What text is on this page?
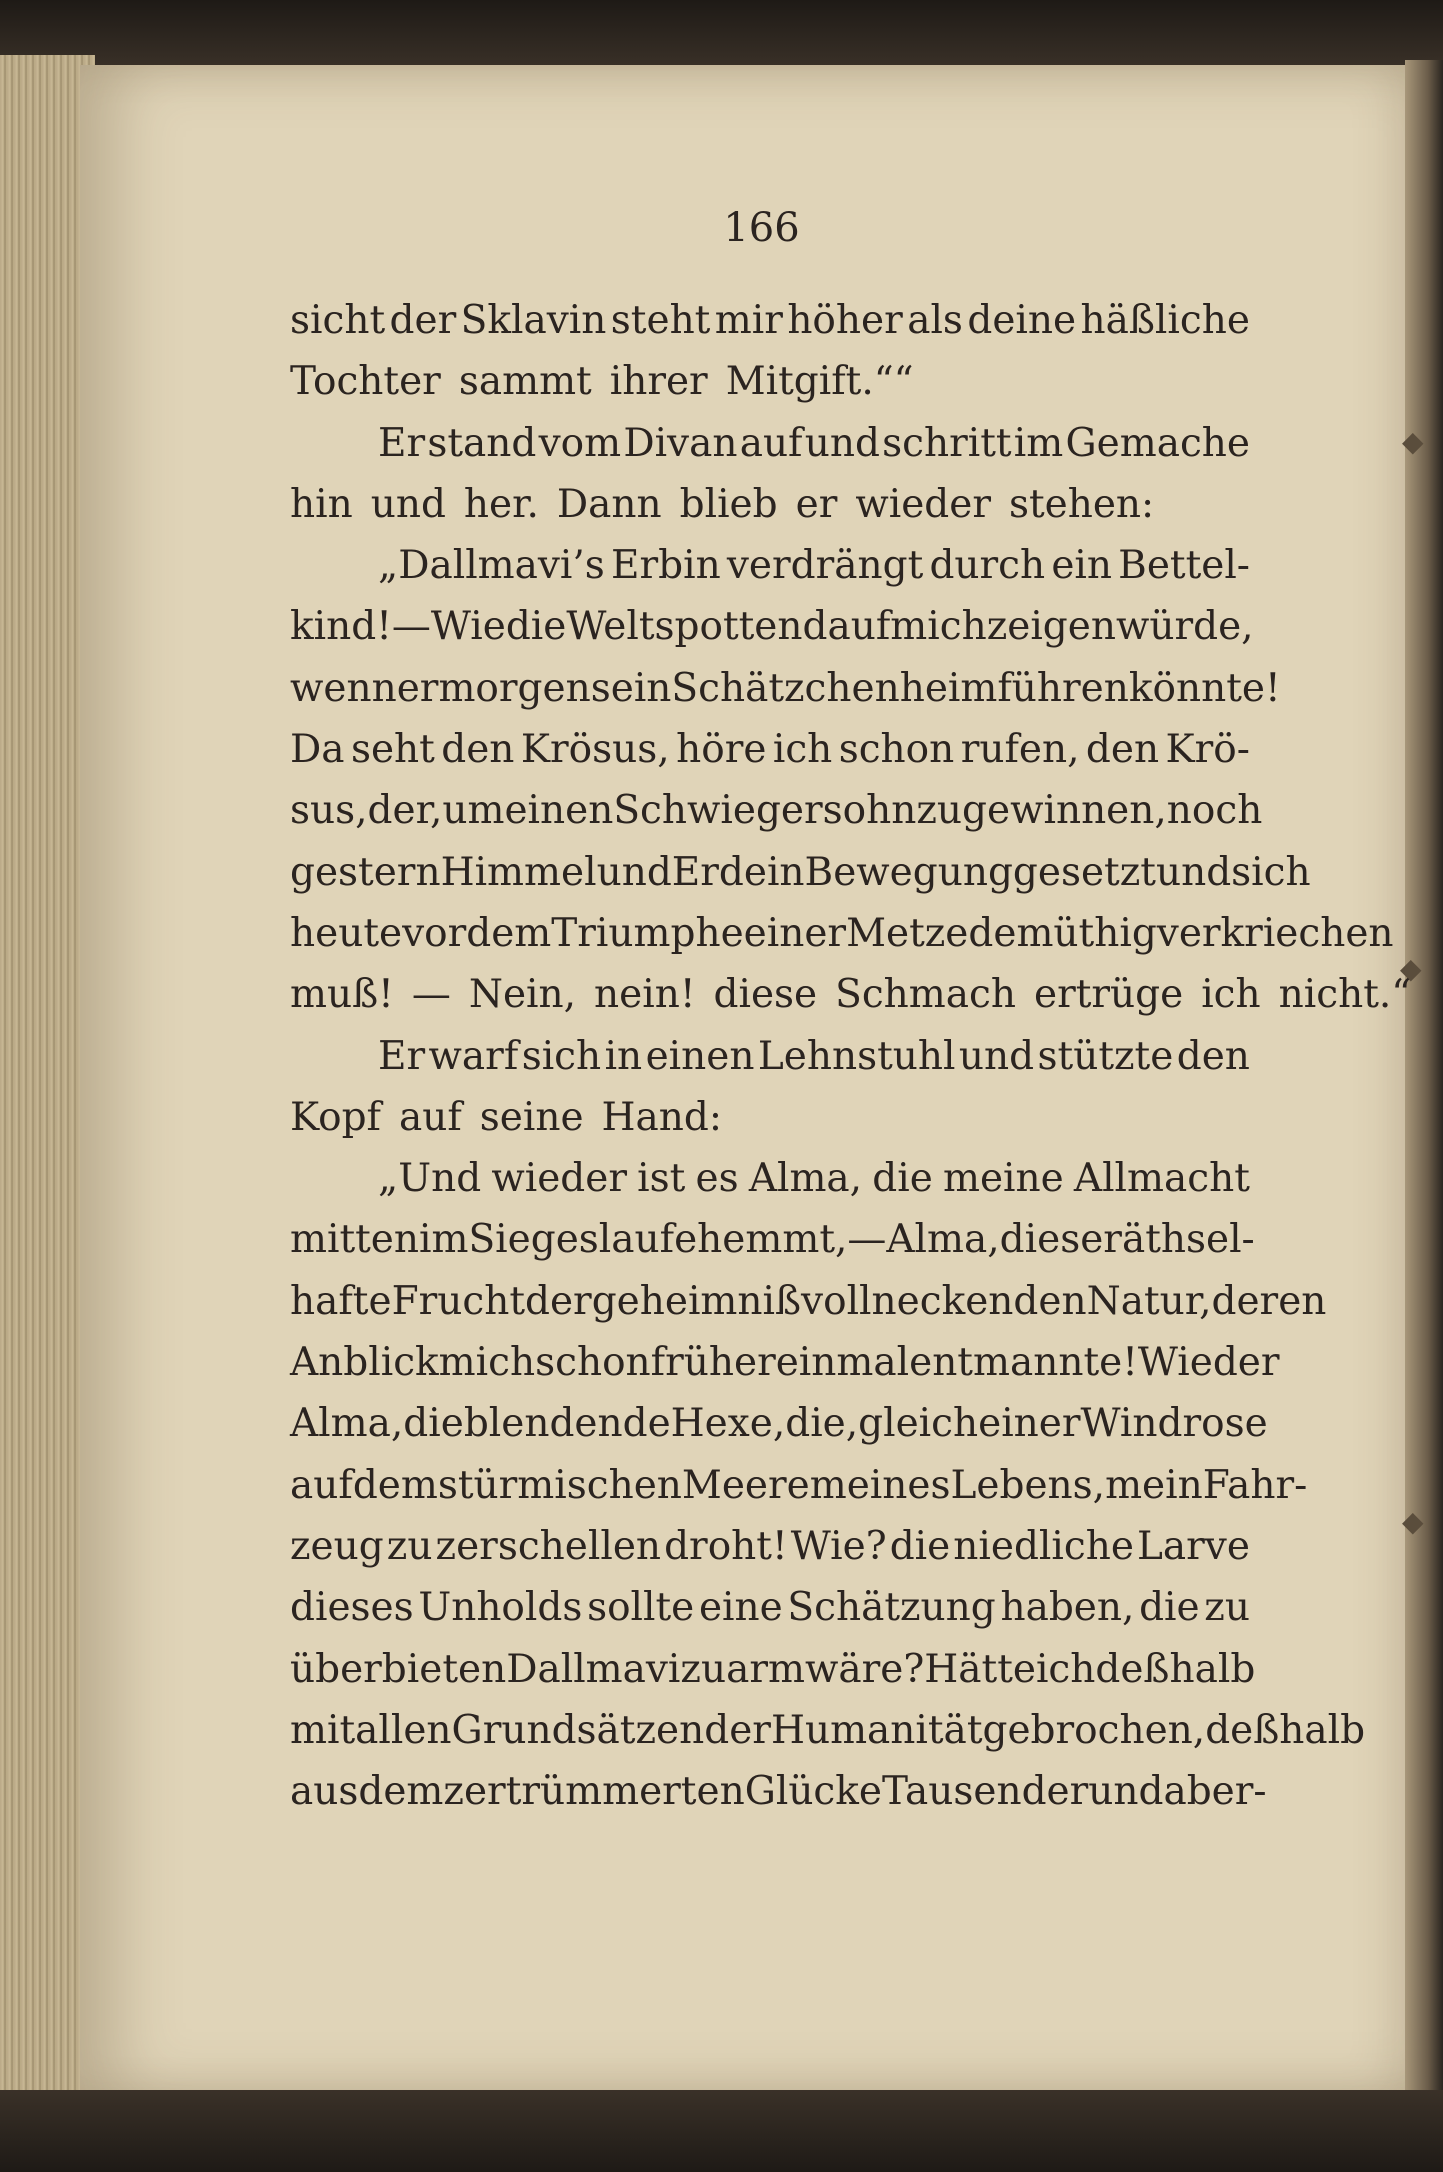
◆
◆
◆

166

sicht der Sklavin steht mir höher als deine häßliche
Tochter sammt ihrer Mitgift.““
Er stand vom Divan auf und schritt im Gemache
hin und her. Dann blieb er wieder stehen:
„Dallmavi’s Erbin verdrängt durch ein Bettel-
kind! — Wie die Welt spottend auf mich zeigen würde,
wenn er morgen sein Schätzchen heimführen könnte!
Da seht den Krösus, höre ich schon rufen, den Krö-
sus, der, um einen Schwiegersohn zu gewinnen, noch
gestern Himmel und Erde in Bewegung gesetzt und sich
heute vor dem Triumphe einer Metze demüthig verkriechen
muß! — Nein, nein! diese Schmach ertrüge ich nicht.“
Er warf sich in einen Lehnstuhl und stützte den
Kopf auf seine Hand:
„Und wieder ist es Alma, die meine Allmacht
mitten im Siegeslaufe hemmt, — Alma, diese räthsel-
hafte Frucht der geheimnißvoll neckenden Natur, deren
Anblick mich schon früher einmal entmannte! Wieder
Alma, die blendende Hexe, die, gleich einer Windrose
auf dem stürmischen Meere meines Lebens, mein Fahr-
zeug zu zerschellen droht! Wie? die niedliche Larve
dieses Unholds sollte eine Schätzung haben, die zu
überbieten Dallmavi zu arm wäre? Hätte ich deßhalb
mit allen Grundsätzen der Humanität gebrochen, deßhalb
aus dem zertrümmerten Glücke Tausender und aber-
